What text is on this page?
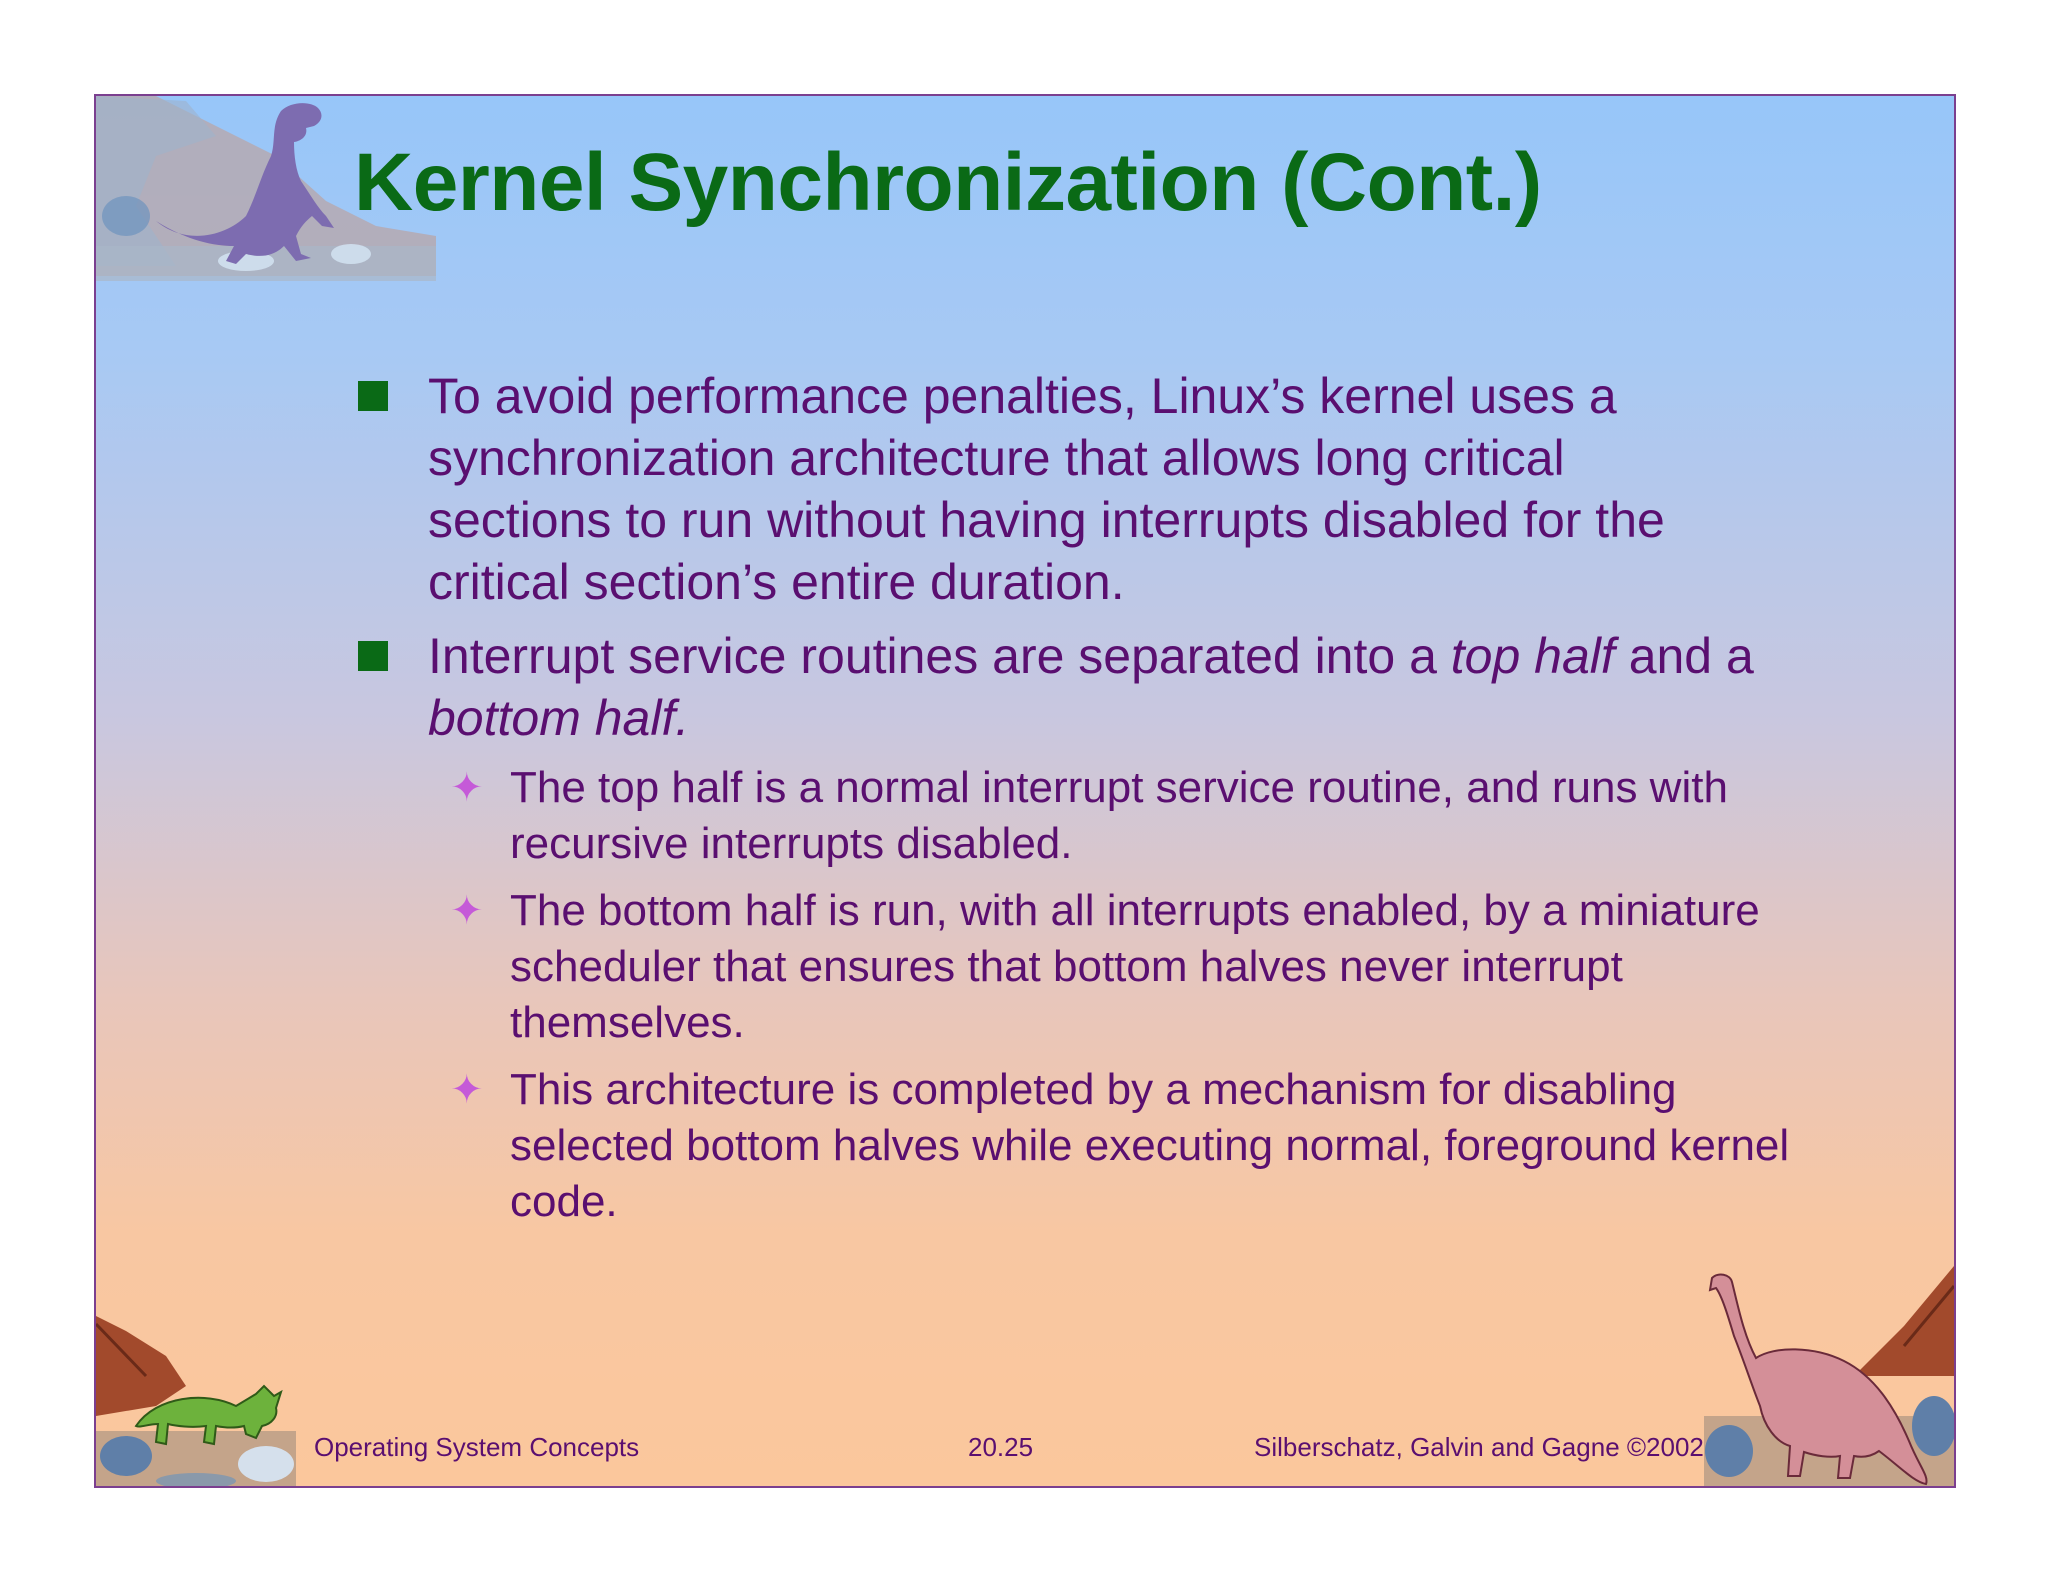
Kernel Synchronization (Cont.)
To avoid performance penalties, Linux’s kernel uses a synchronization architecture that allows long critical sections to run without having interrupts disabled for the critical section’s entire duration.
Interrupt service routines are separated into a top half and a bottom half.
✦ The top half is a normal interrupt service routine, and runs with recursive interrupts disabled.
✦ The bottom half is run, with all interrupts enabled, by a miniature scheduler that ensures that bottom halves never interrupt themselves.
✦ This architecture is completed by a mechanism for disabling selected bottom halves while executing normal, foreground kernel code.
Operating System Concepts	20.25	Silberschatz, Galvin and Gagne ©2002
